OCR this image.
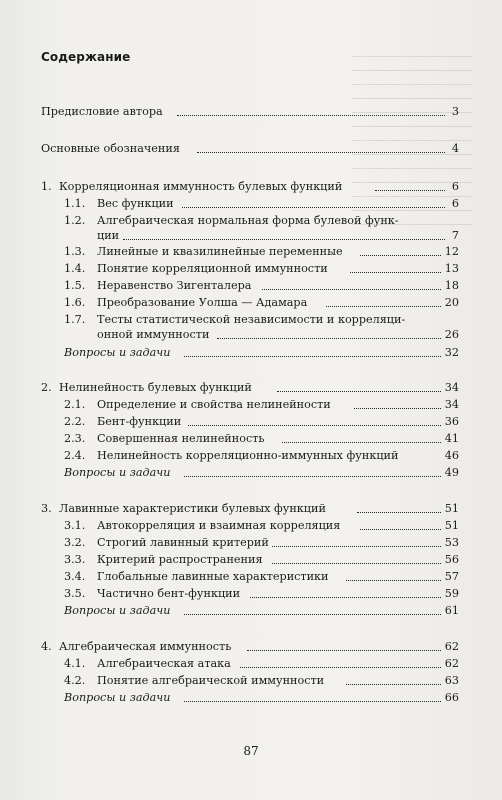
Содержание
Предисловие автора	3
Основные обозначения	4
1. Корреляционная иммунность булевых функций	6
1.1. Вес функции	6
1.2. Алгебраическая нормальная форма булевой функ-
ции	7
1.3. Линейные и квазилинейные переменные	12
1.4. Понятие корреляционной иммунности	13
1.5. Неравенство Зигенталера	18
1.6. Преобразование Уолша — Адамара	20
1.7. Тесты статистической независимости и корреляци-
онной иммунности	26
Вопросы и задачи	32
2. Нелинейность булевых функций	34
2.1. Определение и свойства нелинейности	34
2.2. Бент-функции	36
2.3. Совершенная нелинейность	41
2.4. Нелинейность корреляционно-иммунных функций	46
Вопросы и задачи	49
3. Лавинные характеристики булевых функций	51
3.1. Автокорреляция и взаимная корреляция	51
3.2. Строгий лавинный критерий	53
3.3. Критерий распространения	56
3.4. Глобальные лавинные характеристики	57
3.5. Частично бент-функции	59
Вопросы и задачи	61
4. Алгебраическая иммунность	62
4.1. Алгебраическая атака	62
4.2. Понятие алгебраической иммунности	63
Вопросы и задачи	66
87
